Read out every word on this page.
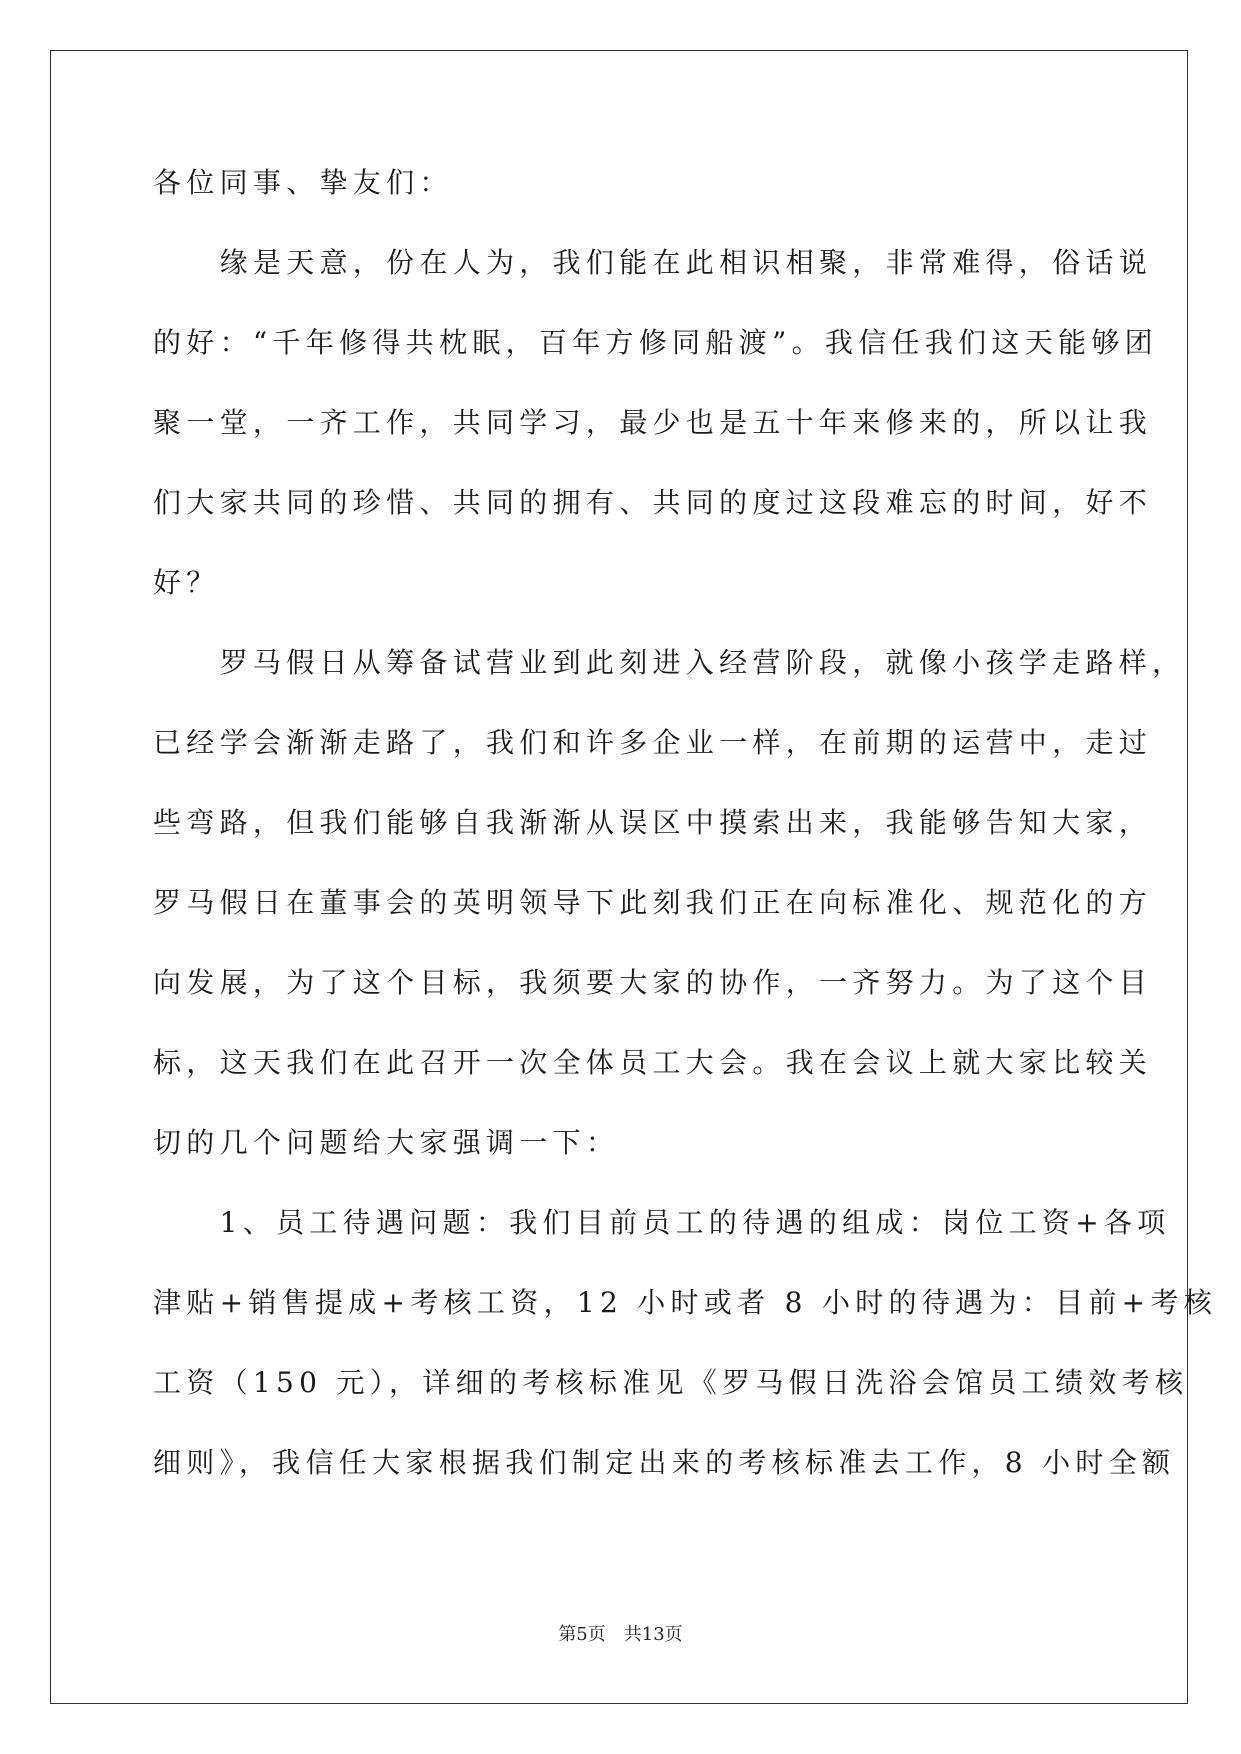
各位同事、挚友们：
　　缘是天意，份在人为，我们能在此相识相聚，非常难得，俗话说
的好：“千年修得共枕眠，百年方修同船渡”。我信任我们这天能够团
聚一堂，一齐工作，共同学习，最少也是五十年来修来的，所以让我
们大家共同的珍惜、共同的拥有、共同的度过这段难忘的时间，好不
好？
　　罗马假日从筹备试营业到此刻进入经营阶段，就像小孩学走路样，
已经学会渐渐走路了，我们和许多企业一样，在前期的运营中，走过
些弯路，但我们能够自我渐渐从误区中摸索出来，我能够告知大家，
罗马假日在董事会的英明领导下此刻我们正在向标准化、规范化的方
向发展，为了这个目标，我须要大家的协作，一齐努力。为了这个目
标，这天我们在此召开一次全体员工大会。我在会议上就大家比较关
切的几个问题给大家强调一下：
　　1、员工待遇问题：我们目前员工的待遇的组成：岗位工资+各项
津贴+销售提成+考核工资，12 小时或者 8 小时的待遇为：目前+考核
工资（150 元），详细的考核标准见《罗马假日洗浴会馆员工绩效考核
细则》，我信任大家根据我们制定出来的考核标准去工作，8 小时全额
第5页　共13页
